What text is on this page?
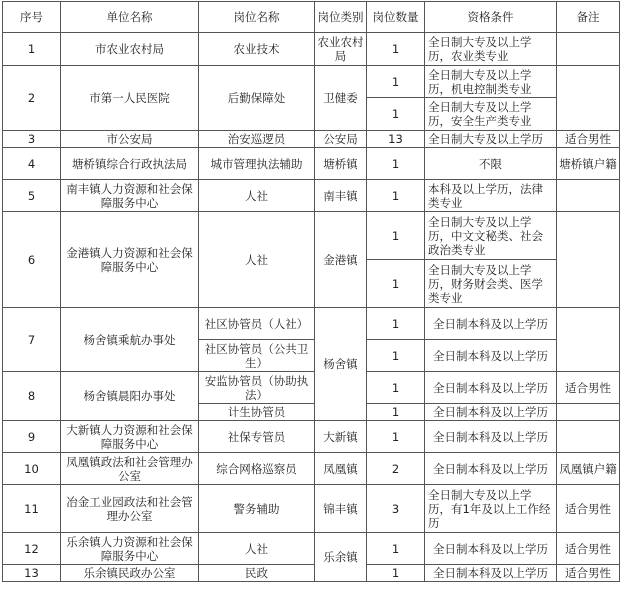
序号	单位名称	岗位名称	岗位类别	岗位数量	资格条件	备注
1	市农业农村局	农业技术	农业农村局	1	全日制大专及以上学历，农业类专业	
2	市第一人民医院	后勤保障处	卫健委	1	全日制大专及以上学历，机电控制类专业	
				1	全日制大专及以上学历，安全生产类专业	
3	市公安局	治安巡逻员	公安局	13	全日制大专及以上学历	适合男性
4	塘桥镇综合行政执法局	城市管理执法辅助	塘桥镇	1	不限	塘桥镇户籍
5	南丰镇人力资源和社会保障服务中心	人社	南丰镇	1	本科及以上学历，法律类专业	
6	金港镇人力资源和社会保障服务中心	人社	金港镇	1	全日制大专及以上学历，中文文秘类、社会政治类专业	
				1	全日制大专及以上学历，财务财会类、医学类专业	
7	杨舍镇乘航办事处	社区协管员（人社）	杨舍镇	1	全日制本科及以上学历	
		社区协管员（公共卫生）		1	全日制本科及以上学历	
8	杨舍镇晨阳办事处	安监协管员（协助执法）		1	全日制本科及以上学历	适合男性
		计生协管员		1	全日制本科及以上学历	
9	大新镇人力资源和社会保障服务中心	社保专管员	大新镇	1	全日制本科及以上学历	
10	凤凰镇政法和社会管理办公室	综合网格巡察员	凤凰镇	2	全日制本科及以上学历	凤凰镇户籍
11	冶金工业园政法和社会管理办公室	警务辅助	锦丰镇	3	全日制大专及以上学历，有1年及以上工作经历	适合男性
12	乐余镇人力资源和社会保障服务中心	人社	乐余镇	1	全日制本科及以上学历	适合男性
13	乐余镇民政办公室	民政		1	全日制本科及以上学历	适合男性
